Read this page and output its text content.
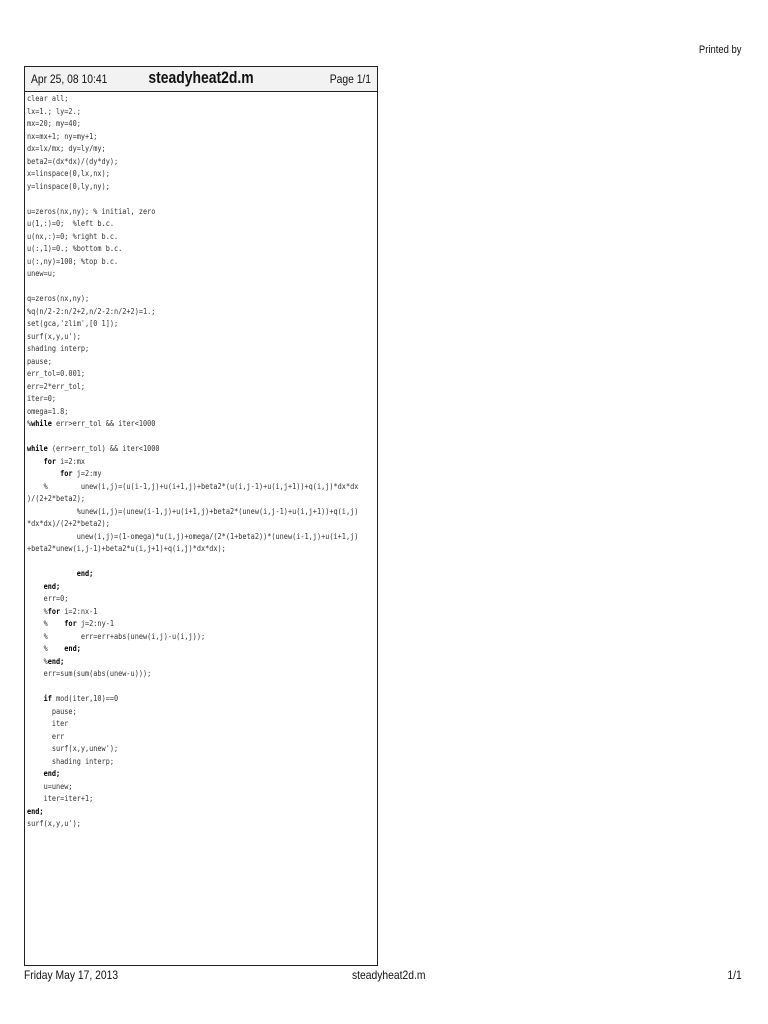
Printed by
Apr 25, 08 10:41	steadyheat2d.m	Page 1/1
clear all;
lx=1.; ly=2.;
mx=20; my=40;
nx=mx+1; ny=my+1;
dx=lx/mx; dy=ly/my;
beta2=(dx*dx)/(dy*dy);
x=linspace(0,lx,nx);
y=linspace(0,ly,ny);
u=zeros(nx,ny); % initial, zero
u(1,:)=0;  %left b.c.
u(nx,:)=0; %right b.c.
u(:,1)=0.; %bottom b.c.
u(:,ny)=100; %top b.c.
unew=u;
q=zeros(nx,ny);
%q(n/2-2:n/2+2,n/2-2:n/2+2)=1.;
set(gca,'zlim',[0 1]);
surf(x,y,u');
shading interp;
pause;
err_tol=0.001;
err=2*err_tol;
iter=0;
omega=1.8;
%while err>err_tol && iter<1000
while (err>err_tol) && iter<1000
for i=2:mx
for j=2:my
%        unew(i,j)=(u(i-1,j)+u(i+1,j)+beta2*(u(i,j-1)+u(i,j+1))+q(i,j)*dx*dx
)/(2+2*beta2);
%unew(i,j)=(unew(i-1,j)+u(i+1,j)+beta2*(unew(i,j-1)+u(i,j+1))+q(i,j)
*dx*dx)/(2+2*beta2);
unew(i,j)=(1-omega)*u(i,j)+omega/(2*(1+beta2))*(unew(i-1,j)+u(i+1,j)
+beta2*unew(i,j-1)+beta2*u(i,j+1)+q(i,j)*dx*dx);
end;
end;
err=0;
%for i=2:nx-1
%    for j=2:ny-1
%        err=err+abs(unew(i,j)-u(i,j));
%    end;
%end;
err=sum(sum(abs(unew-u)));
if mod(iter,10)==0
pause;
iter
err
surf(x,y,unew');
shading interp;
end;
u=unew;
iter=iter+1;
end;
surf(x,y,u');
Friday May 17, 2013	steadyheat2d.m	1/1
